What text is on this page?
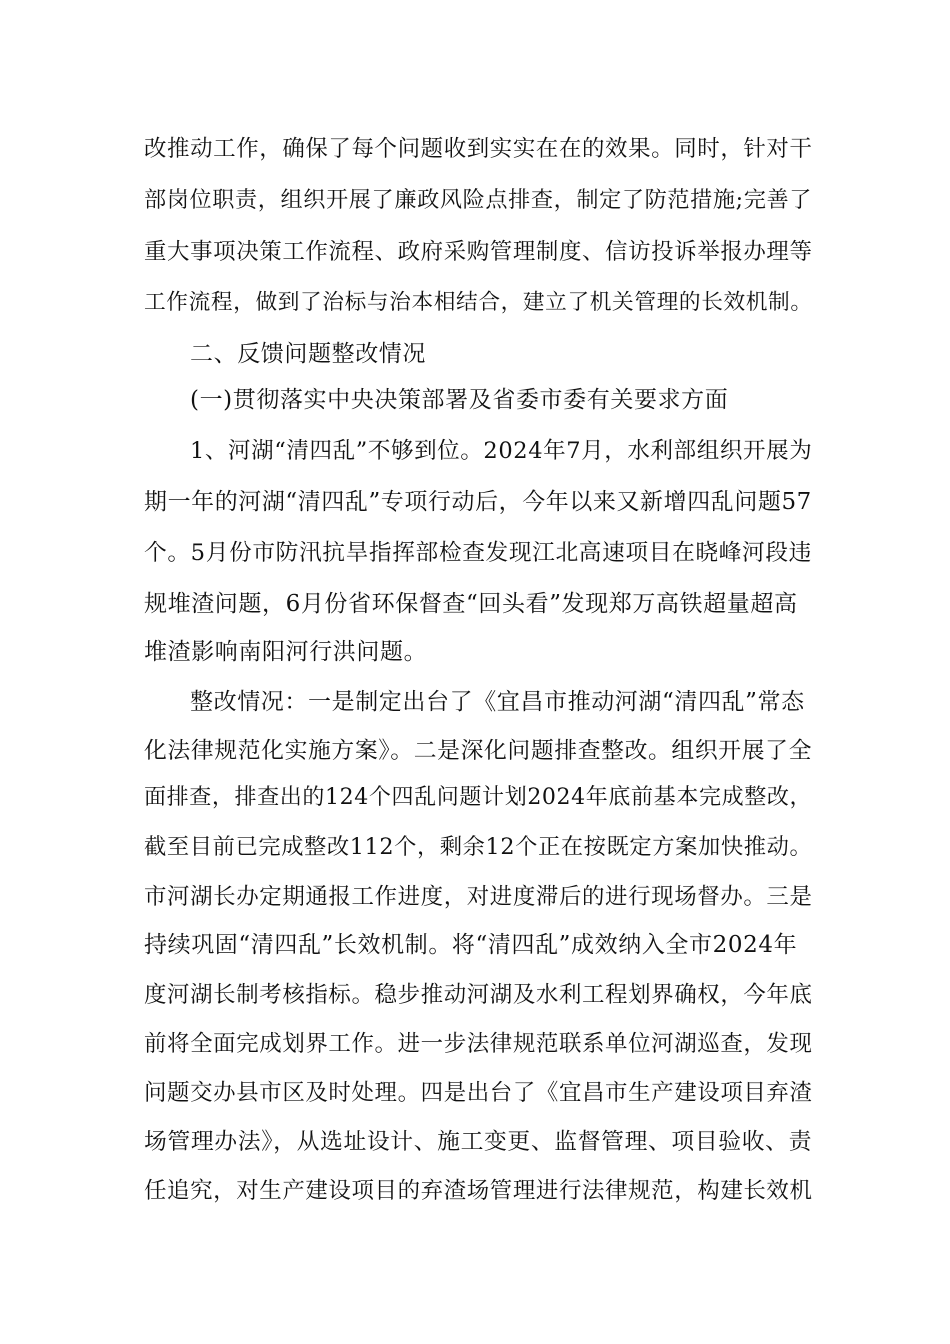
改推动工作，确保了每个问题收到实实在在的效果。同时，针对干
部岗位职责，组织开展了廉政风险点排查，制定了防范措施;完善了
重大事项决策工作流程、政府采购管理制度、信访投诉举报办理等
工作流程，做到了治标与治本相结合，建立了机关管理的长效机制。
二、反馈问题整改情况
(一)贯彻落实中央决策部署及省委市委有关要求方面
1、河湖“清四乱”不够到位。2024年7月，水利部组织开展为
期一年的河湖“清四乱”专项行动后，今年以来又新增四乱问题57
个。5月份市防汛抗旱指挥部检查发现江北高速项目在晓峰河段违
规堆渣问题，6月份省环保督查“回头看”发现郑万高铁超量超高
堆渣影响南阳河行洪问题。
整改情况：一是制定出台了《宜昌市推动河湖“清四乱”常态
化法律规范化实施方案》。二是深化问题排查整改。组织开展了全
面排查，排查出的124个四乱问题计划2024年底前基本完成整改，
截至目前已完成整改112个，剩余12个正在按既定方案加快推动。
市河湖长办定期通报工作进度，对进度滞后的进行现场督办。三是
持续巩固“清四乱”长效机制。将“清四乱”成效纳入全市2024年
度河湖长制考核指标。稳步推动河湖及水利工程划界确权，今年底
前将全面完成划界工作。进一步法律规范联系单位河湖巡查，发现
问题交办县市区及时处理。四是出台了《宜昌市生产建设项目弃渣
场管理办法》，从选址设计、施工变更、监督管理、项目验收、责
任追究，对生产建设项目的弃渣场管理进行法律规范，构建长效机
